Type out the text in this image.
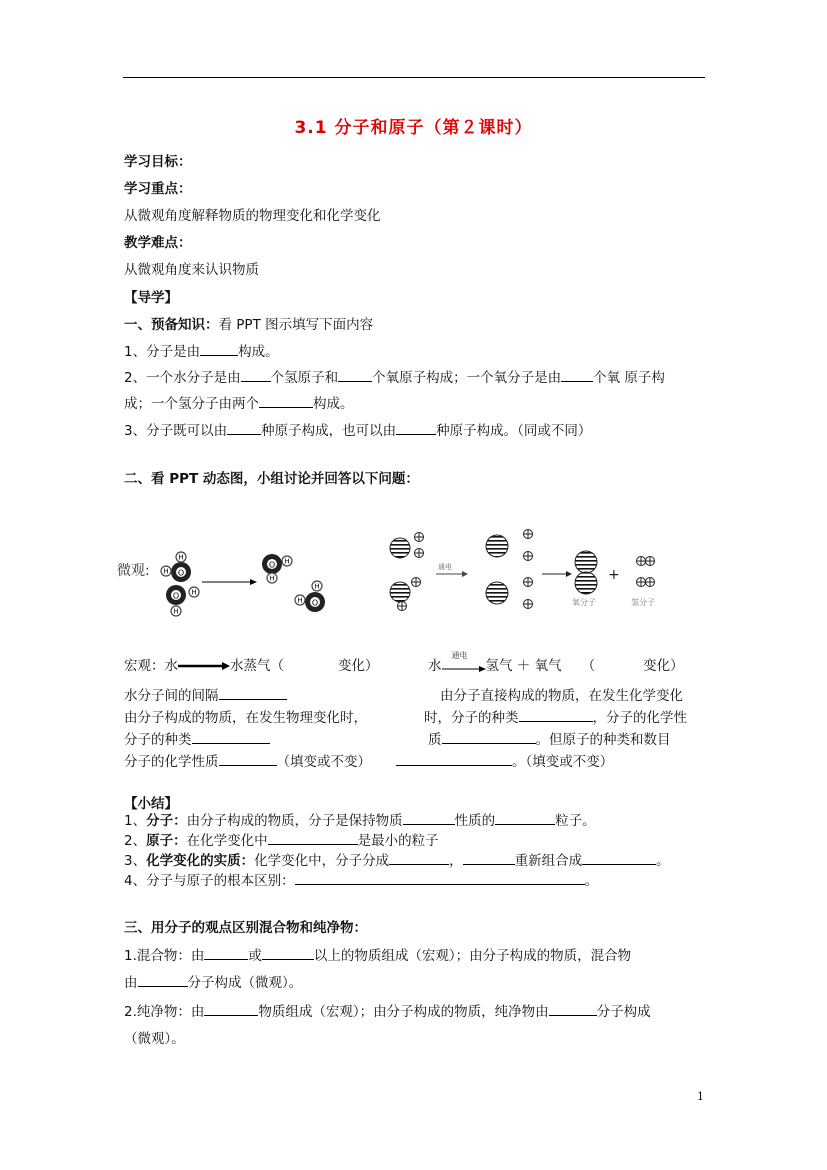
3.1 分子和原子（第２课时）
学习目标：
学习重点：
从微观角度解释物质的物理变化和化学变化
教学难点：
从微观角度来认识物质
【导学】
一、预备知识：看 PPT 图示填写下面内容
1、分子是由	构成。
2、一个水分子是由 个氢原子和	个氧原子构成；一个氧分子是由 个氧 原子构
成；一个氢分子由两个	构成。
3、分子既可以由	种原子构成，也可以由	种原子构成。（同或不同）
二、看 PPT 动态图，小组讨论并回答以下问题：
微观:	O
H
H
O H
H
O H
H
O
H
H
通电
氧分子
+
氢分子
宏观：水	水蒸气（	变化）	水
通电
氢气 ＋ 氧气 （	变化）
水分子间的间隔
由分子构成的物质，在发生物理变化时，
分子的种类
分子的化学性质	（填变或不变）
由分子直接构成的物质，在发生化学变化
时，分子的种类	，分子的化学性
质	。但原子的种类和数目
。（填变或不变）
【小结】
1、分子：由分子构成的物质，分子是保持物质	性质的	粒子。
2、原子：在化学变化中	是最小的粒子
3、化学变化的实质：化学变化中，分子分成	，	重新组合成	。
4、分子与原子的根本区别：	。
三、用分子的观点区别混合物和纯净物：
1.混合物：由	或	以上的物质组成（宏观）；由分子构成的物质，混合物
由	分子构成（微观）。
2.纯净物：由	物质组成（宏观）；由分子构成的物质，纯净物由	分子构成
（微观）。
1
